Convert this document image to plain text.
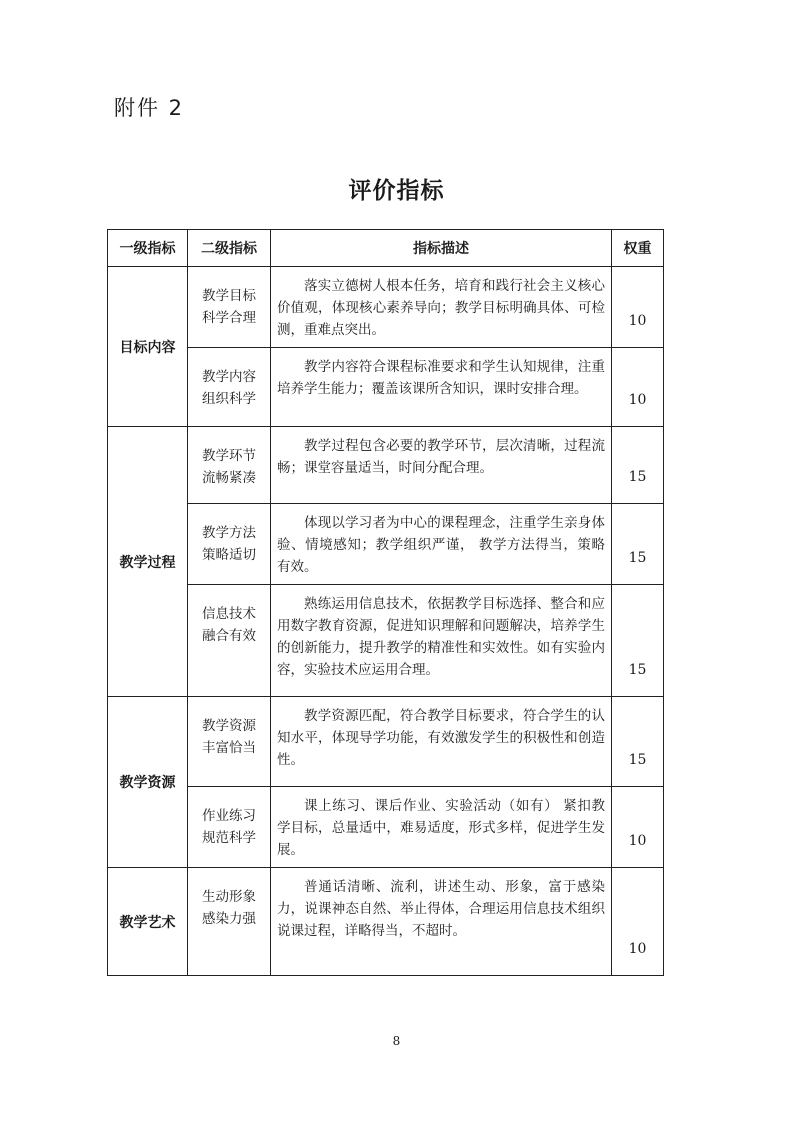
附件 2
评价指标
一级指标	二级指标	指标描述	权重
目标内容	教学目标科学合理	落实立德树人根本任务，培育和践行社会主义核心价值观，体现核心素养导向；教学目标明确具体、可检测，重难点突出。	10

	教学内容组织科学	教学内容符合课程标准要求和学生认知规律，注重培养学生能力；覆盖该课所含知识，课时安排合理。	10
教学过程	教学环节流畅紧凑	教学过程包含必要的教学环节，层次清晰，过程流畅；课堂容量适当，时间分配合理。	15

	教学方法策略适切	体现以学习者为中心的课程理念，注重学生亲身体验、情境感知；教学组织严谨， 教学方法得当，策略有效。	15

	信息技术融合有效	熟练运用信息技术，依据教学目标选择、整合和应用数字教育资源，促进知识理解和问题解决，培养学生的创新能力，提升教学的精准性和实效性。如有实验内容，实验技术应运用合理。	15
教学资源	教学资源丰富恰当	教学资源匹配，符合教学目标要求，符合学生的认知水平，体现导学功能，有效激发学生的积极性和创造性。	15

	作业练习规范科学	课上练习、课后作业、实验活动（如有） 紧扣教学目标，总量适中，难易适度，形式多样，促进学生发展。	10
教学艺术	生动形象感染力强	普通话清晰、流利，讲述生动、形象，富于感染力，说课神态自然、举止得体，合理运用信息技术组织说课过程，详略得当，不超时。	10
8
